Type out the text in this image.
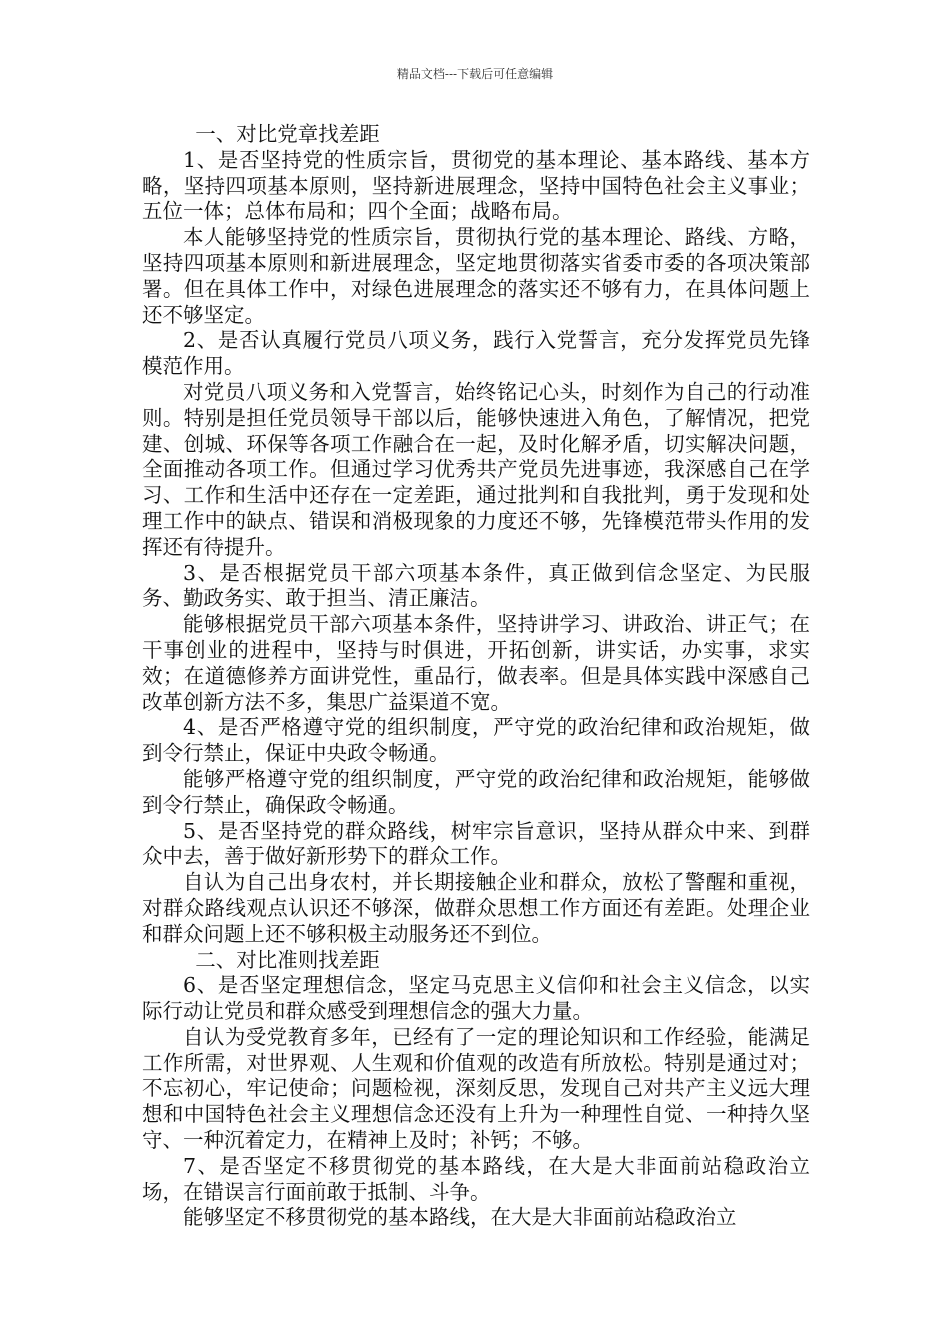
精品文档---下载后可任意编辑

一、对比党章找差距

1、是否坚持党的性质宗旨，贯彻党的基本理论、基本路线、基本方略，坚持四项基本原则，坚持新进展理念，坚持中国特色社会主义事业；五位一体；总体布局和；四个全面；战略布局。

本人能够坚持党的性质宗旨，贯彻执行党的基本理论、路线、方略，坚持四项基本原则和新进展理念，坚定地贯彻落实省委市委的各项决策部署。但在具体工作中，对绿色进展理念的落实还不够有力，在具体问题上还不够坚定。

2、是否认真履行党员八项义务，践行入党誓言，充分发挥党员先锋模范作用。

对党员八项义务和入党誓言，始终铭记心头，时刻作为自己的行动准则。特别是担任党员领导干部以后，能够快速进入角色，了解情况，把党建、创城、环保等各项工作融合在一起，及时化解矛盾，切实解决问题，全面推动各项工作。但通过学习优秀共产党员先进事迹，我深感自己在学习、工作和生活中还存在一定差距，通过批判和自我批判，勇于发现和处理工作中的缺点、错误和消极现象的力度还不够，先锋模范带头作用的发挥还有待提升。

3、是否根据党员干部六项基本条件，真正做到信念坚定、为民服务、勤政务实、敢于担当、清正廉洁。

能够根据党员干部六项基本条件，坚持讲学习、讲政治、讲正气；在干事创业的进程中，坚持与时俱进，开拓创新，讲实话，办实事，求实效；在道德修养方面讲党性，重品行，做表率。但是具体实践中深感自己改革创新方法不多，集思广益渠道不宽。

4、是否严格遵守党的组织制度，严守党的政治纪律和政治规矩，做到令行禁止，保证中央政令畅通。

能够严格遵守党的组织制度，严守党的政治纪律和政治规矩，能够做到令行禁止，确保政令畅通。

5、是否坚持党的群众路线，树牢宗旨意识，坚持从群众中来、到群众中去，善于做好新形势下的群众工作。

自认为自己出身农村，并长期接触企业和群众，放松了警醒和重视，对群众路线观点认识还不够深，做群众思想工作方面还有差距。处理企业和群众问题上还不够积极主动服务还不到位。

二、对比准则找差距

6、是否坚定理想信念，坚定马克思主义信仰和社会主义信念，以实际行动让党员和群众感受到理想信念的强大力量。

自认为受党教育多年，已经有了一定的理论知识和工作经验，能满足工作所需，对世界观、人生观和价值观的改造有所放松。特别是通过对；不忘初心，牢记使命；问题检视，深刻反思，发现自己对共产主义远大理想和中国特色社会主义理想信念还没有上升为一种理性自觉、一种持久坚守、一种沉着定力，在精神上及时；补钙；不够。

7、是否坚定不移贯彻党的基本路线，在大是大非面前站稳政治立场，在错误言行面前敢于抵制、斗争。

能够坚定不移贯彻党的基本路线，在大是大非面前站稳政治立
